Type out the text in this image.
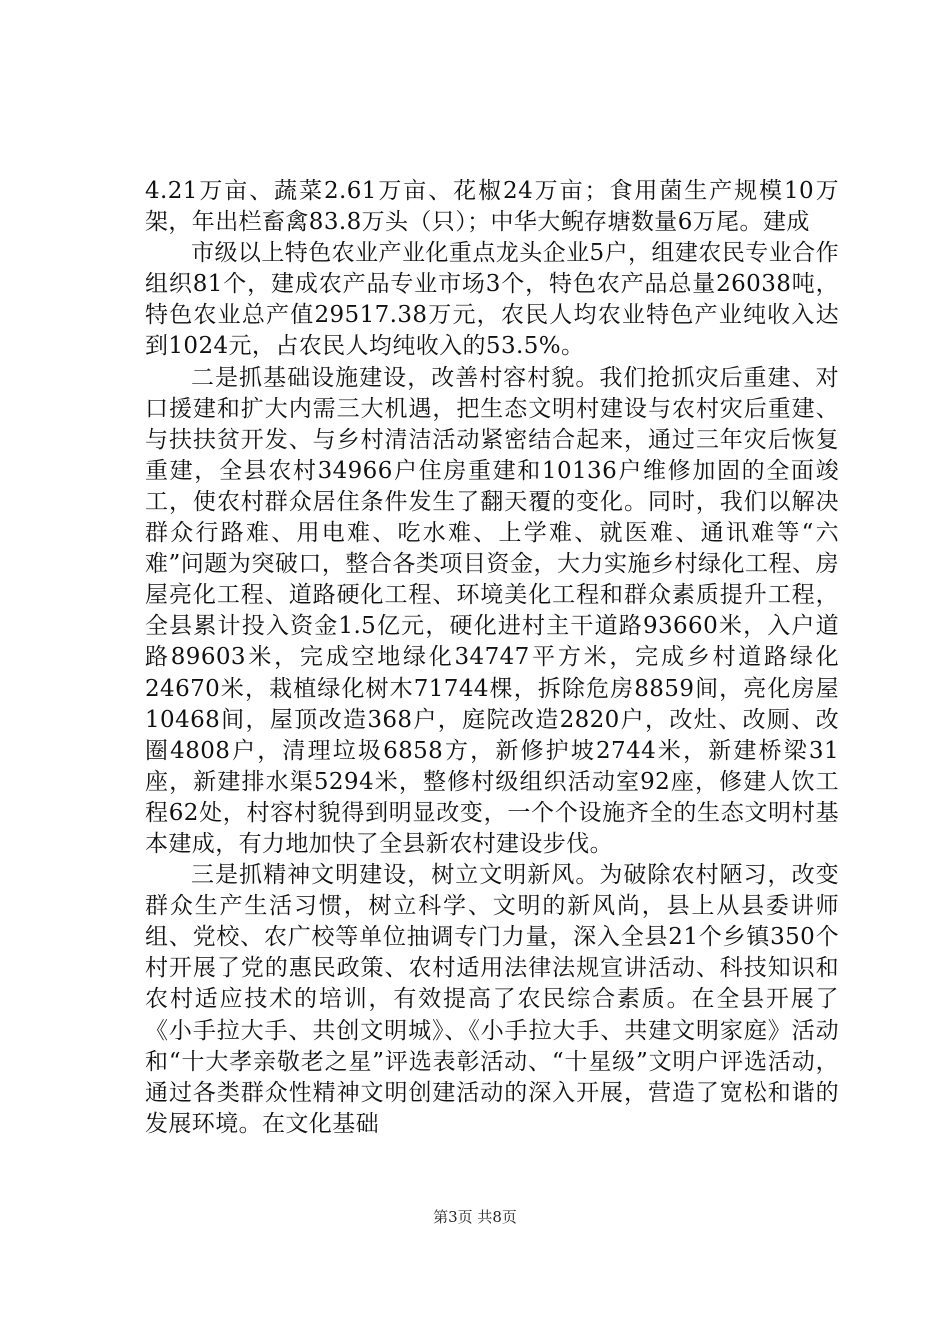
4.21万亩、蔬菜2.61万亩、花椒24万亩；食用菌生产规模10万架，年出栏畜禽83.8万头（只）；中华大鲵存塘数量6万尾。建成

市级以上特色农业产业化重点龙头企业5户，组建农民专业合作组织81个，建成农产品专业市场3个，特色农产品总量26038吨，特色农业总产值29517.38万元，农民人均农业特色产业纯收入达到1024元，占农民人均纯收入的53.5%。

二是抓基础设施建设，改善村容村貌。我们抢抓灾后重建、对口援建和扩大内需三大机遇，把生态文明村建设与农村灾后重建、与扶扶贫开发、与乡村清洁活动紧密结合起来，通过三年灾后恢复重建，全县农村34966户住房重建和10136户维修加固的全面竣工，使农村群众居住条件发生了翻天覆的变化。同时，我们以解决群众行路难、用电难、吃水难、上学难、就医难、通讯难等“六难”问题为突破口，整合各类项目资金，大力实施乡村绿化工程、房屋亮化工程、道路硬化工程、环境美化工程和群众素质提升工程，全县累计投入资金1.5亿元，硬化进村主干道路93660米，入户道路89603米，完成空地绿化34747平方米，完成乡村道路绿化24670米，栽植绿化树木71744棵，拆除危房8859间，亮化房屋10468间，屋顶改造368户，庭院改造2820户，改灶、改厕、改圈4808户，清理垃圾6858方，新修护坡2744米，新建桥梁31座，新建排水渠5294米，整修村级组织活动室92座，修建人饮工程62处，村容村貌得到明显改变，一个个设施齐全的生态文明村基本建成，有力地加快了全县新农村建设步伐。

三是抓精神文明建设，树立文明新风。为破除农村陋习，改变群众生产生活习惯，树立科学、文明的新风尚，县上从县委讲师组、党校、农广校等单位抽调专门力量，深入全县21个乡镇350个村开展了党的惠民政策、农村适用法律法规宣讲活动、科技知识和农村适应技术的培训，有效提高了农民综合素质。在全县开展了《小手拉大手、共创文明城》、《小手拉大手、共建文明家庭》活动和“十大孝亲敬老之星”评选表彰活动、“十星级”文明户评选活动，通过各类群众性精神文明创建活动的深入开展，营造了宽松和谐的发展环境。在文化基础

第3页 共8页
